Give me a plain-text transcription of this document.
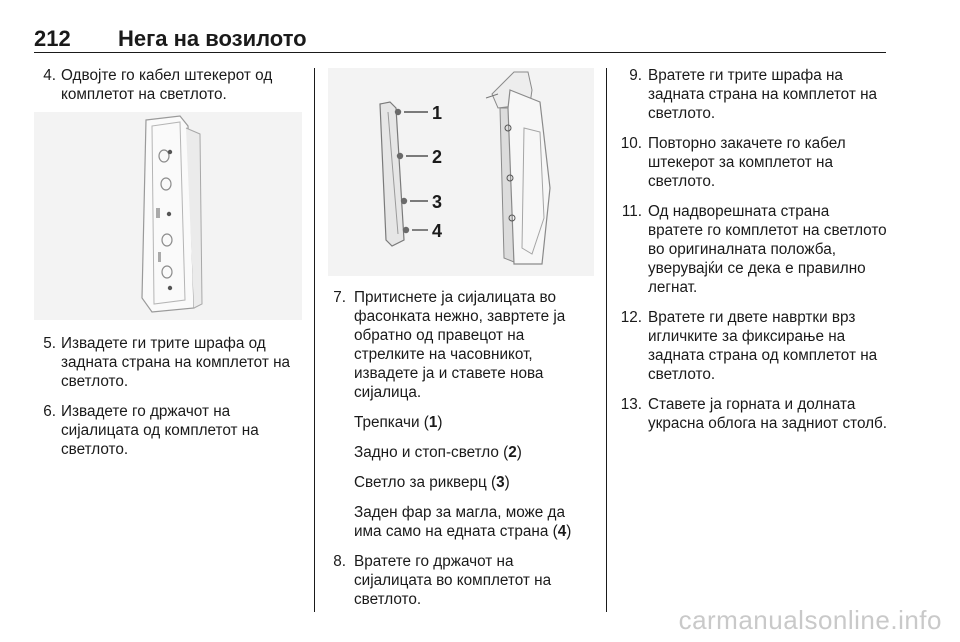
212 Нега на возилото
4. Одвојте го кабел штекерот од комплетот на светлото.
5. Извадете ги трите шрафа од задната страна на комплетот на светлото.
6. Извадете го држачот на сијалицата од комплетот на светлото.
1
2
3
4
7. Притиснете ја сијалицата во фасонката нежно, завртете ја обратно од правецот на стрелките на часовникот, извадете ја и ставете нова сијалица.
Трепкачи (1)
Задно и стоп-светло (2)
Светло за рикверц (3)
Заден фар за магла, може да има само на едната страна (4)
8. Вратете го држачот на сијалицата во комплетот на светлото.
9. Вратете ги трите шрафа на задната страна на комплетот на светлото.
10. Повторно закачете го кабел штекерот за комплетот на светлото.
11. Од надворешната страна вратете го комплетот на светлото во оригиналната положба, уверувајќи се дека е правилно легнат.
12. Вратете ги двете навртки врз игличките за фиксирање на задната страна од комплетот на светлото.
13. Ставете ја горната и долната украсна облога на задниот столб.
carmanualsonline.info
